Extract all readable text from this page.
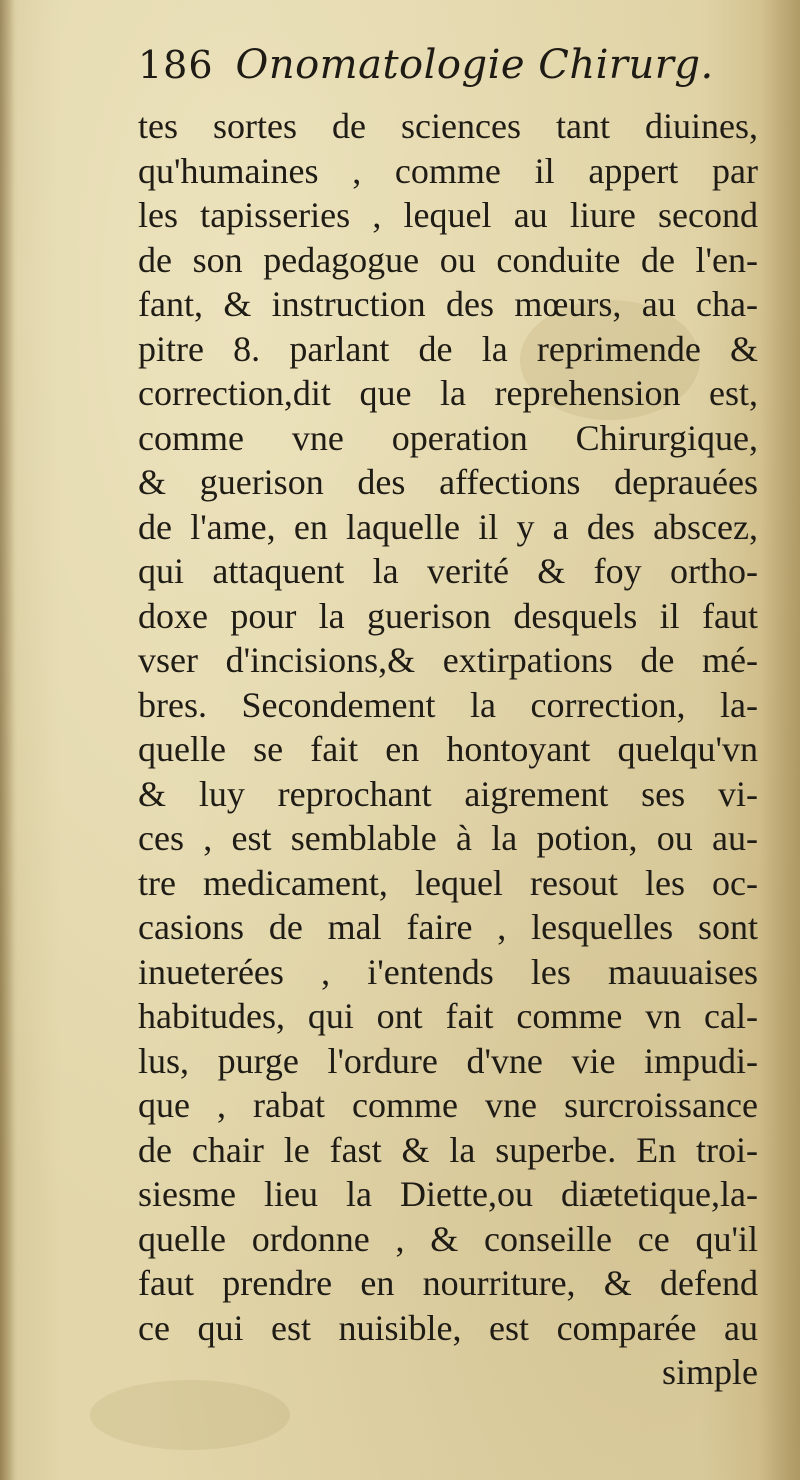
186 Onomatologie Chirurg.
tes sortes de sciences tant diuines,
qu'humaines , comme il appert par
les tapisseries , lequel au liure second
de son pedagogue ou conduite de l'en-
fant, & instruction des mœurs, au cha-
pitre 8. parlant de la reprimende &
correction,dit que la reprehension est,
comme vne operation Chirurgique,
& guerison des affections deprauées
de l'ame, en laquelle il y a des abscez,
qui attaquent la verité & foy ortho-
doxe pour la guerison desquels il faut
vser d'incisions,& extirpations de mé-
bres. Secondement la correction, la-
quelle se fait en hontoyant quelqu'vn
& luy reprochant aigrement ses vi-
ces , est semblable à la potion, ou au-
tre medicament, lequel resout les oc-
casions de mal faire , lesquelles sont
inueterées , i'entends les mauuaises
habitudes, qui ont fait comme vn cal-
lus, purge l'ordure d'vne vie impudi-
que , rabat comme vne surcroissance
de chair le fast & la superbe. En troi-
siesme lieu la Diette,ou diætetique,la-
quelle ordonne , & conseille ce qu'il
faut prendre en nourriture, & defend
ce qui est nuisible, est comparée au
simple
